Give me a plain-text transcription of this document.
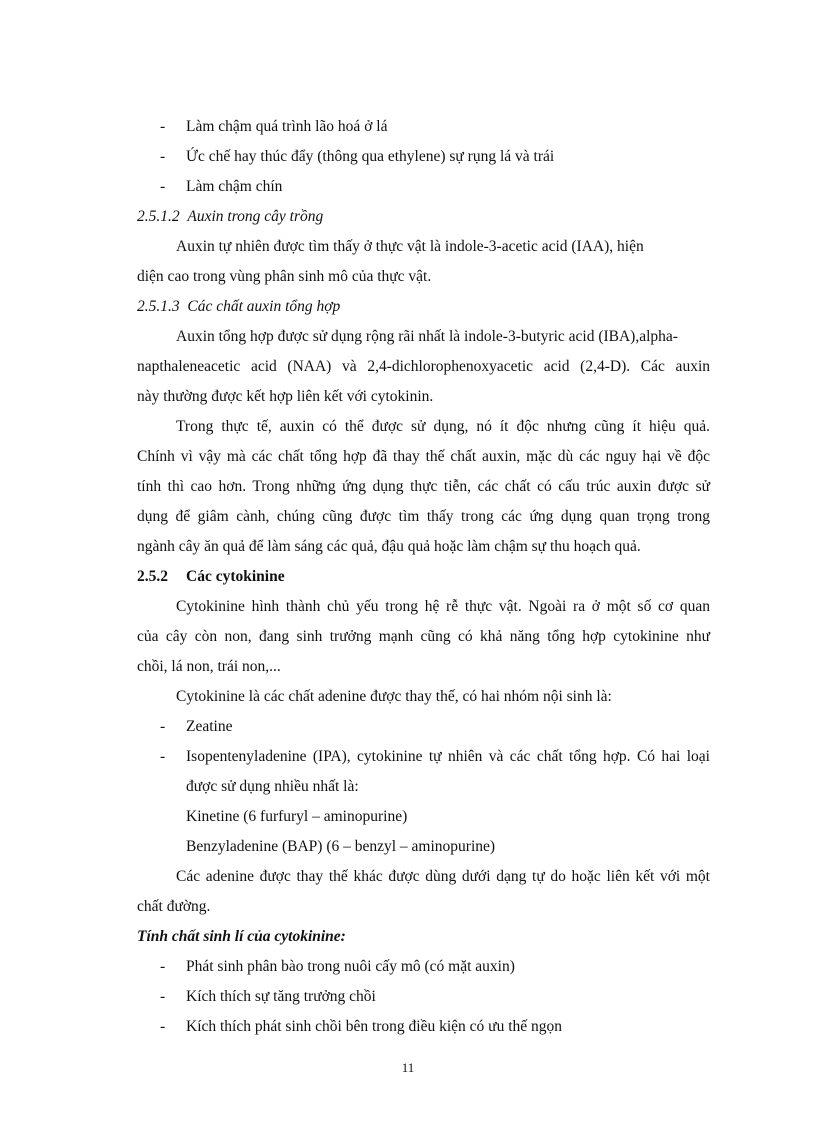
- Làm chậm quá trình lão hoá ở lá
- Ức chế hay thúc đẩy (thông qua ethylene) sự rụng lá và trái
- Làm chậm chín
2.5.1.2 Auxin trong cây trồng
Auxin tự nhiên được tìm thấy ở thực vật là indole-3-acetic acid (IAA), hiện
diện cao trong vùng phân sinh mô của thực vật.
2.5.1.3 Các chất auxin tổng hợp
Auxin tổng hợp được sử dụng rộng rãi nhất là indole-3-butyric acid (IBA),alpha-
napthaleneacetic acid (NAA) và 2,4-dichlorophenoxyacetic acid (2,4-D). Các auxin
này thường được kết hợp liên kết với cytokinin.
Trong thực tế, auxin có thể được sử dụng, nó ít độc nhưng cũng ít hiệu quả.
Chính vì vậy mà các chất tổng hợp đã thay thế chất auxin, mặc dù các nguy hại về độc
tính thì cao hơn. Trong những ứng dụng thực tiễn, các chất có cấu trúc auxin được sử
dụng để giâm cành, chúng cũng được tìm thấy trong các ứng dụng quan trọng trong
ngành cây ăn quả để làm sáng các quả, đậu quả hoặc làm chậm sự thu hoạch quả.
2.5.2 Các cytokinine
Cytokinine hình thành chủ yếu trong hệ rễ thực vật. Ngoài ra ở một số cơ quan
của cây còn non, đang sinh trưởng mạnh cũng có khả năng tổng hợp cytokinine như
chồi, lá non, trái non,...
Cytokinine là các chất adenine được thay thế, có hai nhóm nội sinh là:
- Zeatine
- Isopentenyladenine (IPA), cytokinine tự nhiên và các chất tổng hợp. Có hai loại
được sử dụng nhiều nhất là:
Kinetine (6 furfuryl – aminopurine)
Benzyladenine (BAP) (6 – benzyl – aminopurine)
Các adenine được thay thế khác được dùng dưới dạng tự do hoặc liên kết với một
chất đường.
Tính chất sinh lí của cytokinine:
- Phát sinh phân bào trong nuôi cấy mô (có mặt auxin)
- Kích thích sự tăng trưởng chồi
- Kích thích phát sinh chồi bên trong điều kiện có ưu thế ngọn
11
